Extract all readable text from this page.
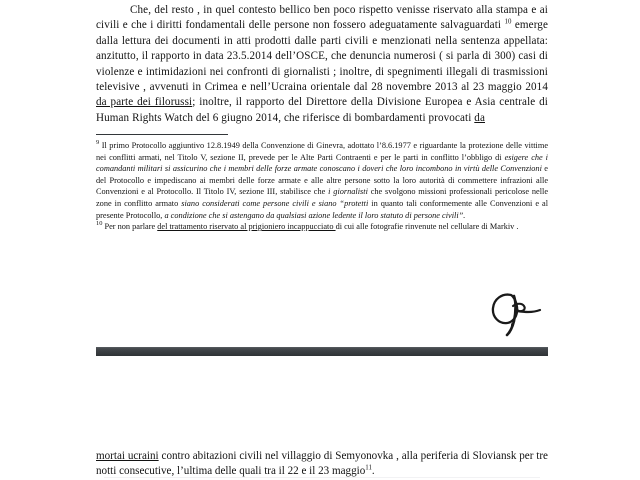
Che, del resto , in quel contesto bellico ben poco rispetto venisse riservato alla stampa e ai civili e che i diritti fondamentali delle persone non fossero adeguatamente salvaguardati $^{10}$ emerge dalla lettura dei documenti in atti prodotti dalle parti civili e menzionati nella sentenza appellata: anzitutto, il rapporto in data 23.5.2014 dell’OSCE, che denuncia numerosi ( si parla di 300) casi di violenze e intimidazioni nei confronti di giornalisti ; inoltre, di spegnimenti illegali di trasmissioni televisive , avvenuti in Crimea e nell’Ucraina orientale dal 28 novembre 2013 al 23 maggio 2014 da parte dei filorussi; inoltre, il rapporto del Direttore della Divisione Europea e Asia centrale di Human Rights Watch del 6 giugno 2014, che riferisce di bombardamenti provocati da

$^9$ Il primo Protocollo aggiuntivo 12.8.1949 della Convenzione di Ginevra, adottato l’8.6.1977 e riguardante la protezione delle vittime nei conflitti armati, nel Titolo V, sezione II, prevede per le Alte Parti Contraenti e per le parti in conflitto l’obbligo di esigere che i comandanti militari si assicurino che i membri delle forze armate conoscano i doveri che loro incombono in virtù delle Convenzioni e del Protocollo e impediscano ai membri delle forze armate e alle altre persone sotto la loro autorità di commettere infrazioni alle Convenzioni e al Protocollo. Il Titolo IV, sezione III, stabilisce che i giornalisti che svolgono missioni professionali pericolose nelle zone in conflitto armato siano considerati come persone civili e siano “protetti in quanto tali conformemente alle Convenzioni e al presente Protocollo, a condizione che si astengano da qualsiasi azione ledente il loro statuto di persone civili”.

$^{10}$ Per non parlare del trattamento riservato al prigioniero incappucciato di cui alle fotografie rinvenute nel cellulare di Markiv .

mortai ucraini contro abitazioni civili nel villaggio di Semyonovka , alla periferia di Sloviansk per tre notti consecutive, l’ultima delle quali tra il 22 e il 23 maggio$^{11}$.
